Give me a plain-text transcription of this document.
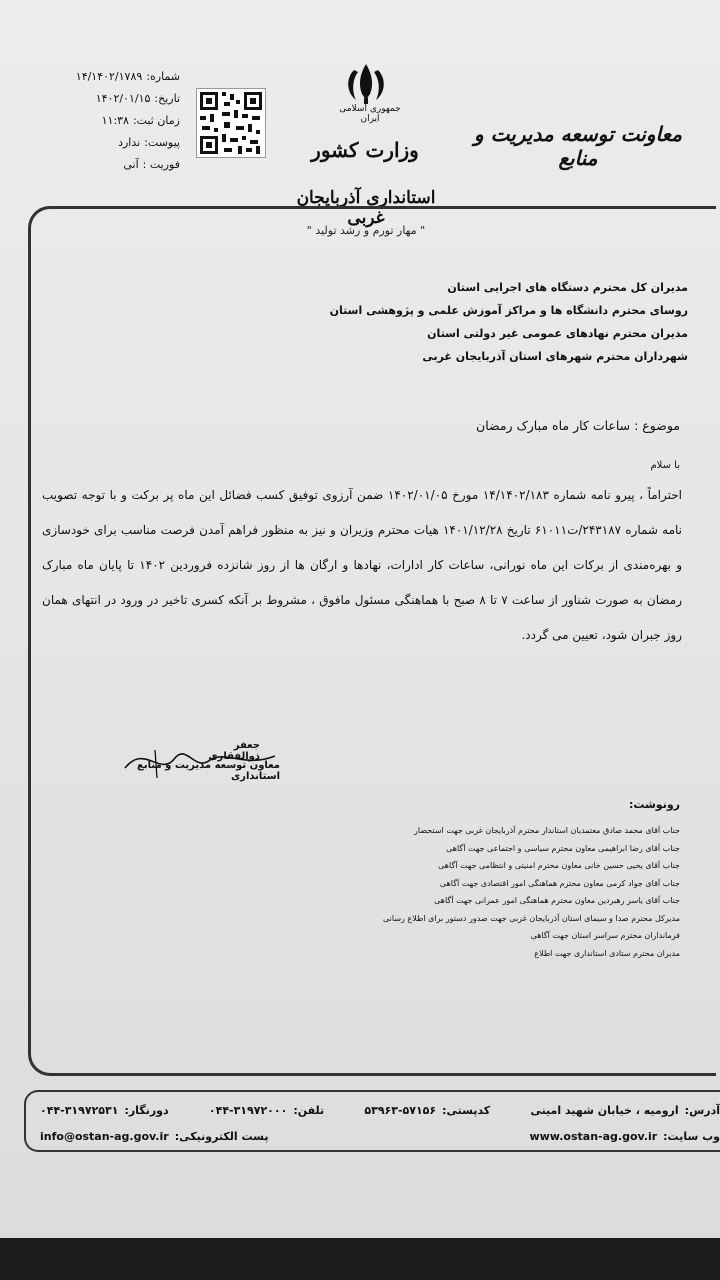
شماره:
۱۴/۱۴۰۲/۱۷۸۹
تاریخ:
۱۴۰۲/۰۱/۱۵
زمان ثبت:
۱۱:۳۸
پیوست:
ندارد
فوریت :
آنی
جمهوری اسلامی ایران
وزارت کشور
معاونت توسعه مدیریت و منابع
استانداری آذربایجان غربی
" مهار تورم و رشد تولید "
مدیران کل محترم دستگاه های اجرایی استان
روسای محترم دانشگاه ها و مراکز آموزش علمی و پژوهشی استان
مدیران محترم نهادهای عمومی غیر دولتی استان
شهرداران محترم شهرهای استان آذربایجان غربی
موضوع : ساعات کار ماه مبارک رمضان
با سلام
احتراماً ، پیرو نامه شماره ۱۴/۱۴۰۲/۱۸۳ مورخ ۱۴۰۲/۰۱/۰۵ ضمن آرزوی توفیق کسب فضائل این ماه پر برکت و با توجه تصویب نامه شماره ۲۴۳۱۸۷/ت۶۱۰۱۱ تاریخ ۱۴۰۱/۱۲/۲۸ هیات محترم وزیران و نیز به منظور فراهم آمدن فرصت مناسب برای خودسازی و بهره‌مندی از برکات این ماه نورانی، ساعات کار ادارات، نهادها و ارگان ها از روز شانزده فروردین ۱۴۰۲ تا پایان ماه مبارک رمضان به صورت شناور از ساعت ۷ تا ۸ صبح با هماهنگی مسئول مافوق ، مشروط بر آنکه کسری تاخیر در ورود در انتهای همان روز جبران شود، تعیین می گردد.
جعفر ذوالفقاری
معاون توسعه مدیریت و منابع استانداری
رونوشت:
جناب آقای محمد صادق معتمدیان استاندار محترم آذربایجان غربی جهت استحضار
جناب آقای رضا ابراهیمی معاون محترم سیاسی و اجتماعی جهت آگاهی
جناب آقای یحیی حسین خانی معاون محترم امنیتی و انتظامی جهت آگاهی
جناب آقای جواد کرمی معاون محترم هماهنگی امور اقتصادی جهت آگاهی
جناب آقای یاسر رهبردین معاون محترم هماهنگی امور عمرانی جهت آگاهی
مدیرکل محترم صدا و سیمای استان آذربایجان غربی جهت صدور دستور برای اطلاع رسانی
فرمانداران محترم سراسر استان جهت آگاهی
مدیران محترم ستادی استانداری جهت اطلاع
آدرس:
ارومیه ، خیابان شهید امینی
کدپستی:
۵۳۹۶۳-۵۷۱۵۶
تلفن:
۰۴۴-۳۱۹۷۲۰۰۰
دورنگار:
۰۴۴-۳۱۹۷۲۵۳۱
وب سایت:
www.ostan-ag.gov.ir
پست الکترونیکی:
info@ostan-ag.gov.ir
